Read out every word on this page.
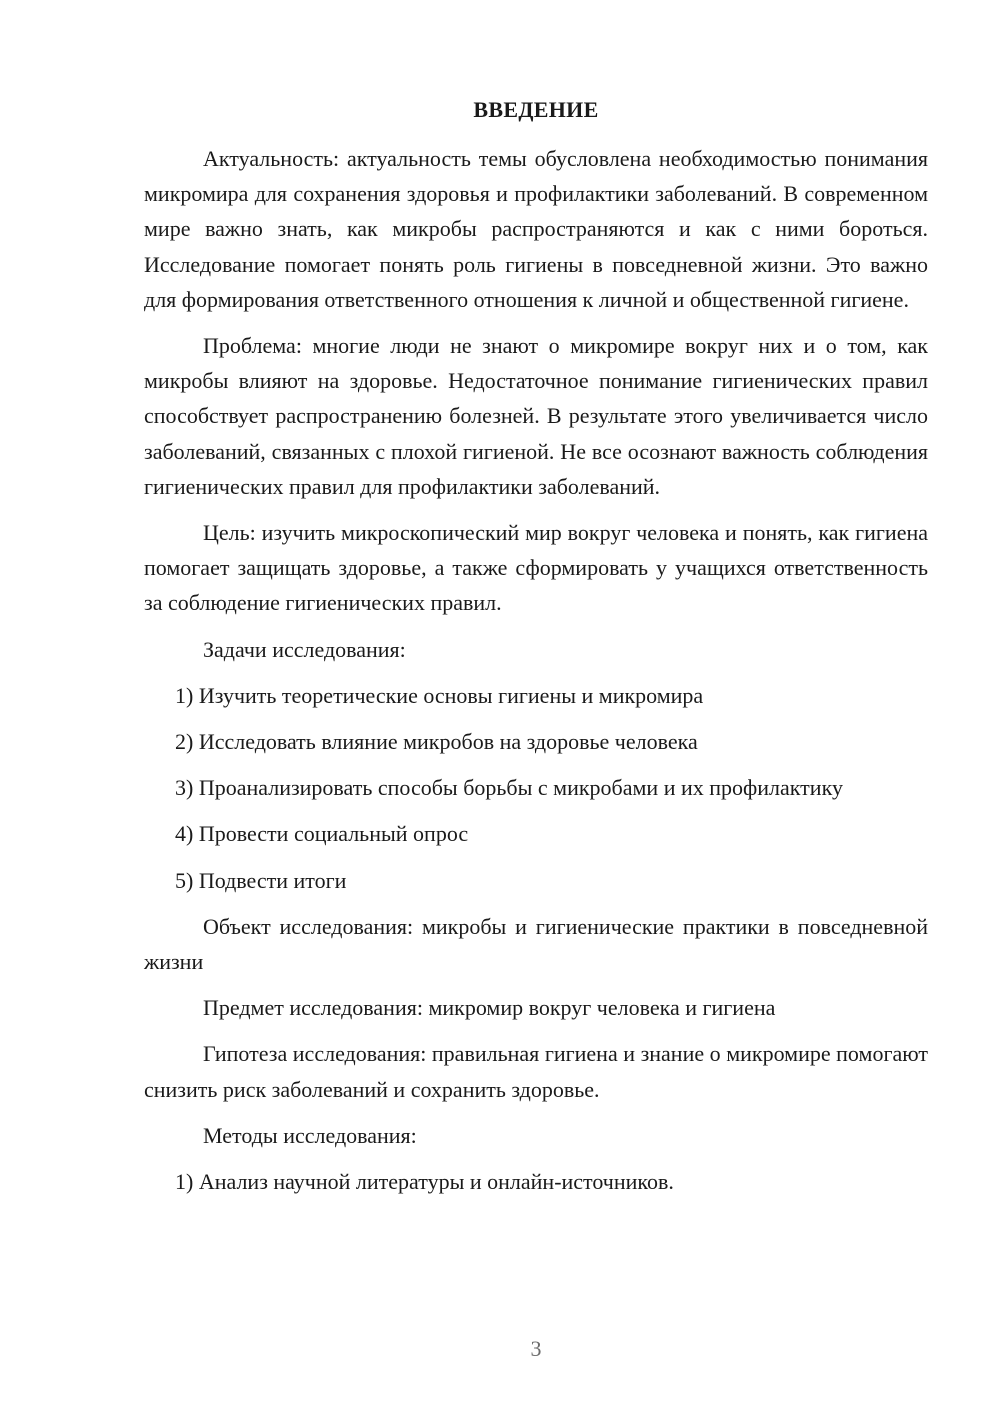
ВВЕДЕНИЕ

Актуальность: актуальность темы обусловлена необходимостью понимания микромира для сохранения здоровья и профилактики заболеваний. В современном мире важно знать, как микробы распространяются и как с ними бороться. Исследование помогает понять роль гигиены в повседневной жизни. Это важно для формирования ответственного отношения к личной и общественной гигиене.

Проблема: многие люди не знают о микромире вокруг них и о том, как микробы влияют на здоровье. Недостаточное понимание гигиенических правил способствует распространению болезней. В результате этого увеличивается число заболеваний, связанных с плохой гигиеной. Не все осознают важность соблюдения гигиенических правил для профилактики заболеваний.

Цель: изучить микроскопический мир вокруг человека и понять, как гигиена помогает защищать здоровье, а также сформировать у учащихся ответственность за соблюдение гигиенических правил.

Задачи исследования:

1) Изучить теоретические основы гигиены и микромира

2) Исследовать влияние микробов на здоровье человека

3) Проанализировать способы борьбы с микробами и их профилактику

4) Провести социальный опрос

5) Подвести итоги

Объект исследования: микробы и гигиенические практики в повседневной жизни

Предмет исследования: микромир вокруг человека и гигиена

Гипотеза исследования: правильная гигиена и знание о микромире помогают снизить риск заболеваний и сохранить здоровье.

Методы исследования:

1) Анализ научной литературы и онлайн-источников.

3
